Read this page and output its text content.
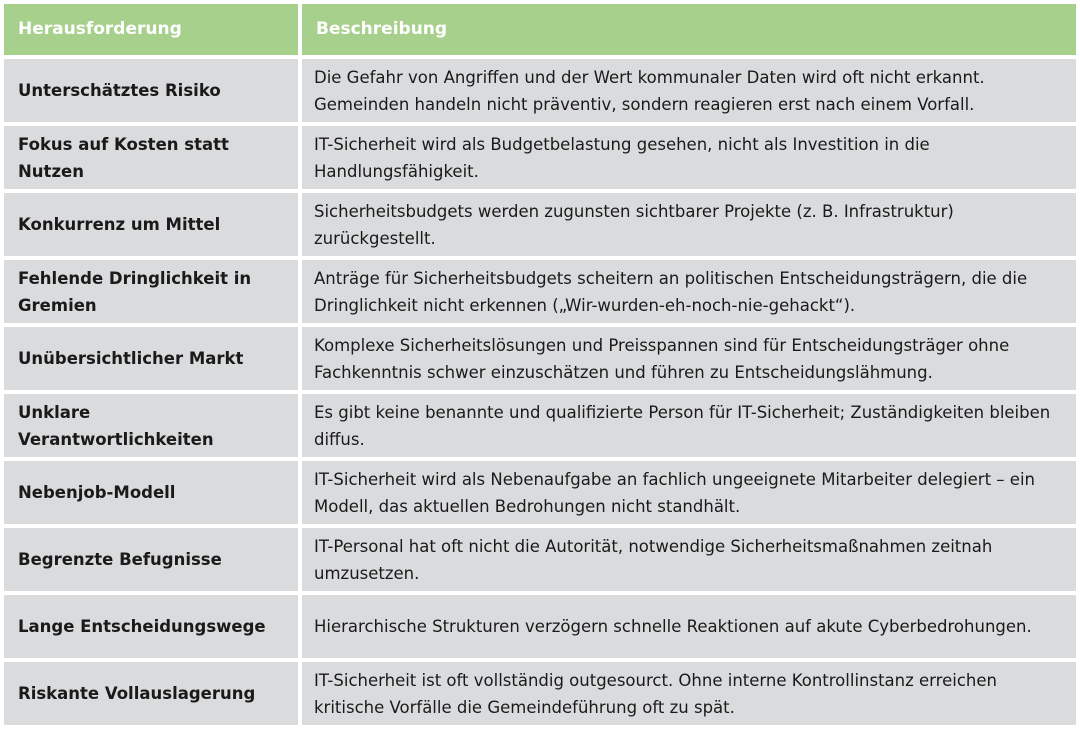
Herausforderung	Beschreibung
Unterschätztes Risiko
Die Gefahr von Angriffen und der Wert kommunaler Daten wird oft nicht erkannt. Gemeinden handeln nicht präventiv, sondern reagieren erst nach einem Vorfall.
Fokus auf Kosten statt Nutzen
IT-Sicherheit wird als Budgetbelastung gesehen, nicht als Investition in die Handlungsfähigkeit.
Konkurrenz um Mittel
Sicherheitsbudgets werden zugunsten sichtbarer Projekte (z. B. Infrastruktur) zurückgestellt.
Fehlende Dringlichkeit in Gremien
Anträge für Sicherheitsbudgets scheitern an politischen Entscheidungsträgern, die die Dringlichkeit nicht erkennen („Wir-wurden-eh-noch-nie-gehackt“).
Unübersichtlicher Markt
Komplexe Sicherheitslösungen und Preisspannen sind für Entscheidungsträger ohne Fachkenntnis schwer einzuschätzen und führen zu Entscheidungslähmung.
Unklare Verantwortlichkeiten
Es gibt keine benannte und qualifizierte Person für IT-Sicherheit; Zuständigkeiten bleiben diffus.
Nebenjob-Modell
IT-Sicherheit wird als Nebenaufgabe an fachlich ungeeignete Mitarbeiter delegiert – ein Modell, das aktuellen Bedrohungen nicht standhält.
Begrenzte Befugnisse
IT-Personal hat oft nicht die Autorität, notwendige Sicherheitsmaßnahmen zeitnah umzusetzen.
Lange Entscheidungswege	Hierarchische Strukturen verzögern schnelle Reaktionen auf akute Cyberbedrohungen.
Riskante Vollauslagerung
IT-Sicherheit ist oft vollständig outgesourct. Ohne interne Kontrollinstanz erreichen kritische Vorfälle die Gemeindeführung oft zu spät.
